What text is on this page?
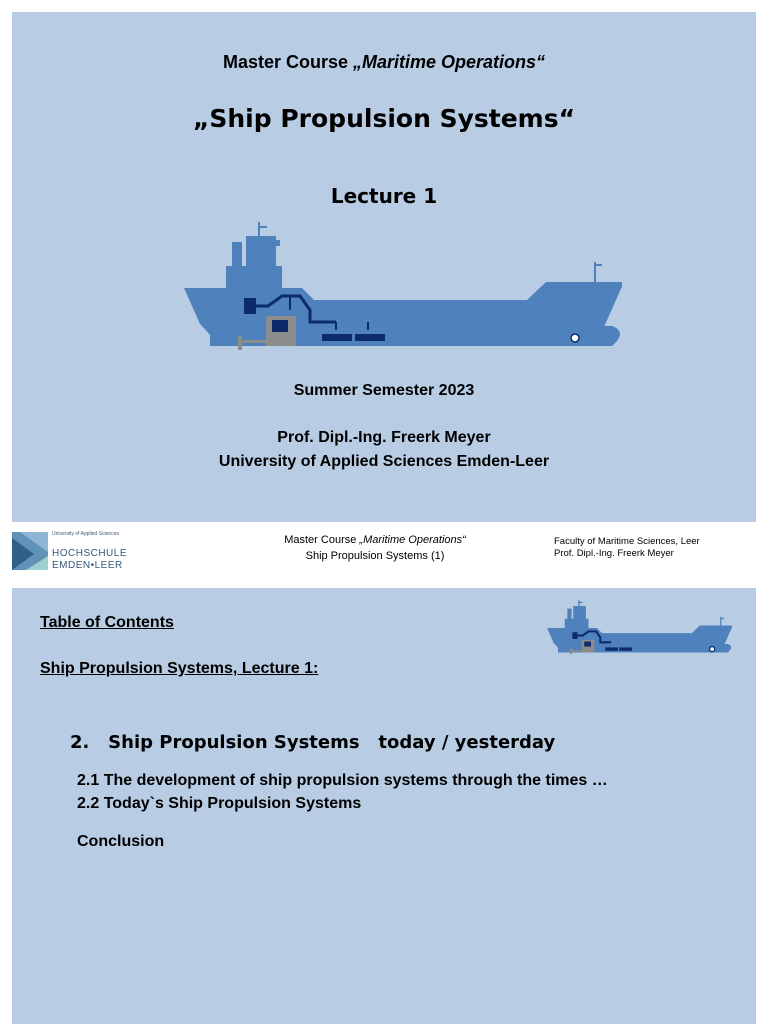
Master Course „Maritime Operations“
„Ship Propulsion Systems“
Lecture 1
Summer Semester 2023
Prof. Dipl.-Ing. Freerk Meyer
University of Applied Sciences Emden-Leer
University of Applied Sciences
HOCHSCHULE
EMDEN•LEER
Master Course „Maritime Operations“
Ship Propulsion Systems (1)
Faculty of Maritime Sciences, Leer
Prof. Dipl.-Ing. Freerk Meyer
Table of Contents
Ship Propulsion Systems, Lecture 1:
2.   Ship Propulsion Systems   today / yesterday
2.1 The development of ship propulsion systems through the times …
2.2 Today`s Ship Propulsion Systems
Conclusion
